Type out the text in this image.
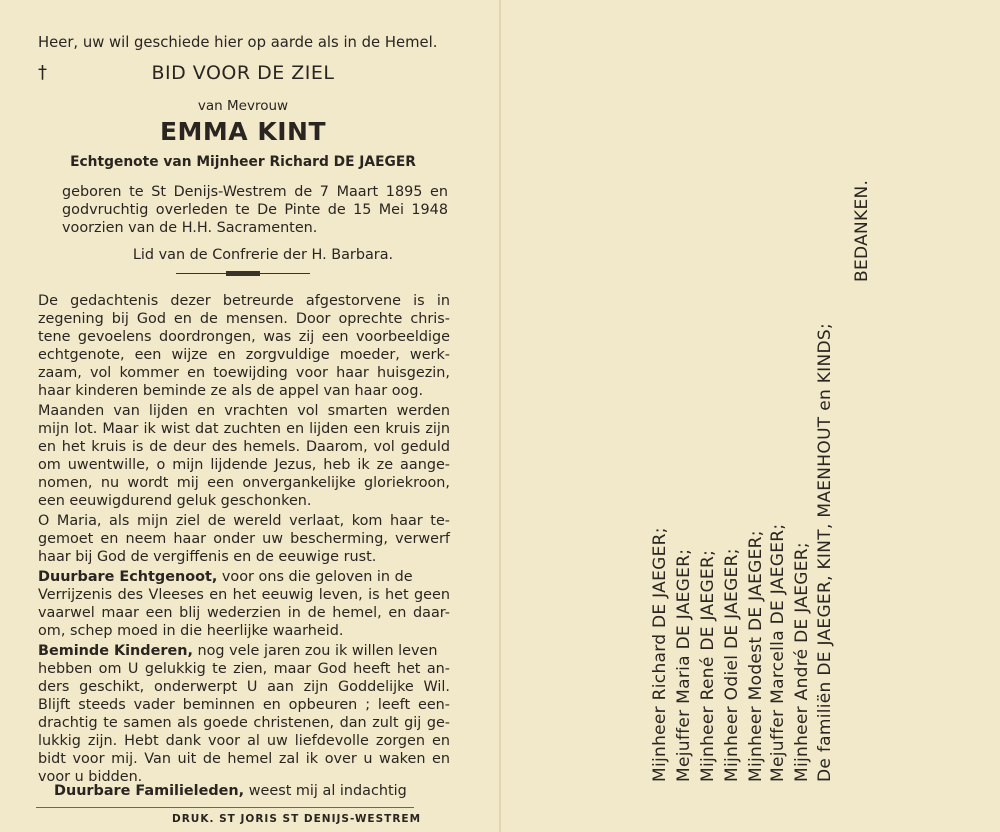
Heer, uw wil geschiede hier op aarde als in de Hemel.
†	BID VOOR DE ZIEL
van Mevrouw
EMMA KINT
Echtgenote van Mijnheer Richard DE JAEGER
geboren te St Denijs-Westrem de 7 Maart 1895 en
godvruchtig overleden te De Pinte de 15 Mei 1948
voorzien van de H.H. Sacramenten.
Lid van de Confrerie der H. Barbara.
De gedachtenis dezer betreurde afgestorvene is in
zegening bij God en de mensen. Door oprechte chris-
tene gevoelens doordrongen, was zij een voorbeeldige
echtgenote, een wijze en zorgvuldige moeder, werk-
zaam, vol kommer en toewijding voor haar huisgezin,
haar kinderen beminde ze als de appel van haar oog.
Maanden van lijden en vrachten vol smarten werden
mijn lot. Maar ik wist dat zuchten en lijden een kruis zijn
en het kruis is de deur des hemels. Daarom, vol geduld
om uwentwille, o mijn lijdende Jezus, heb ik ze aange-
nomen, nu wordt mij een onvergankelijke gloriekroon,
een eeuwigdurend geluk geschonken.
O Maria, als mijn ziel de wereld verlaat, kom haar te-
gemoet en neem haar onder uw bescherming, verwerf
haar bij God de vergiffenis en de eeuwige rust.
Duurbare Echtgenoot, voor ons die geloven in de
Verrijzenis des Vleeses en het eeuwig leven, is het geen
vaarwel maar een blij wederzien in de hemel, en daar-
om, schep moed in die heerlijke waarheid.
Beminde Kinderen, nog vele jaren zou ik willen leven
hebben om U gelukkig te zien, maar God heeft het an-
ders geschikt, onderwerpt U aan zijn Goddelijke Wil.
Blijft steeds vader beminnen en opbeuren ; leeft een-
drachtig te samen als goede christenen, dan zult gij ge-
lukkig zijn. Hebt dank voor al uw liefdevolle zorgen en
bidt voor mij. Van uit de hemel zal ik over u waken en
voor u bidden.
Duurbare Familieleden, weest mij al indachtig
DRUK. ST JORIS ST DENIJS-WESTREM
Mijnheer Richard DE JAEGER; Mejuffer Maria DE JAEGER; Mijnheer René DE JAEGER; Mijnheer Odiel DE JAEGER; Mijnheer Modest DE JAEGER; Mejuffer Marcella DE JAEGER; Mijnheer André DE JAEGER; De familiën DE JAEGER, KINT, MAENHOUT en KINDS;
BEDANKEN.
